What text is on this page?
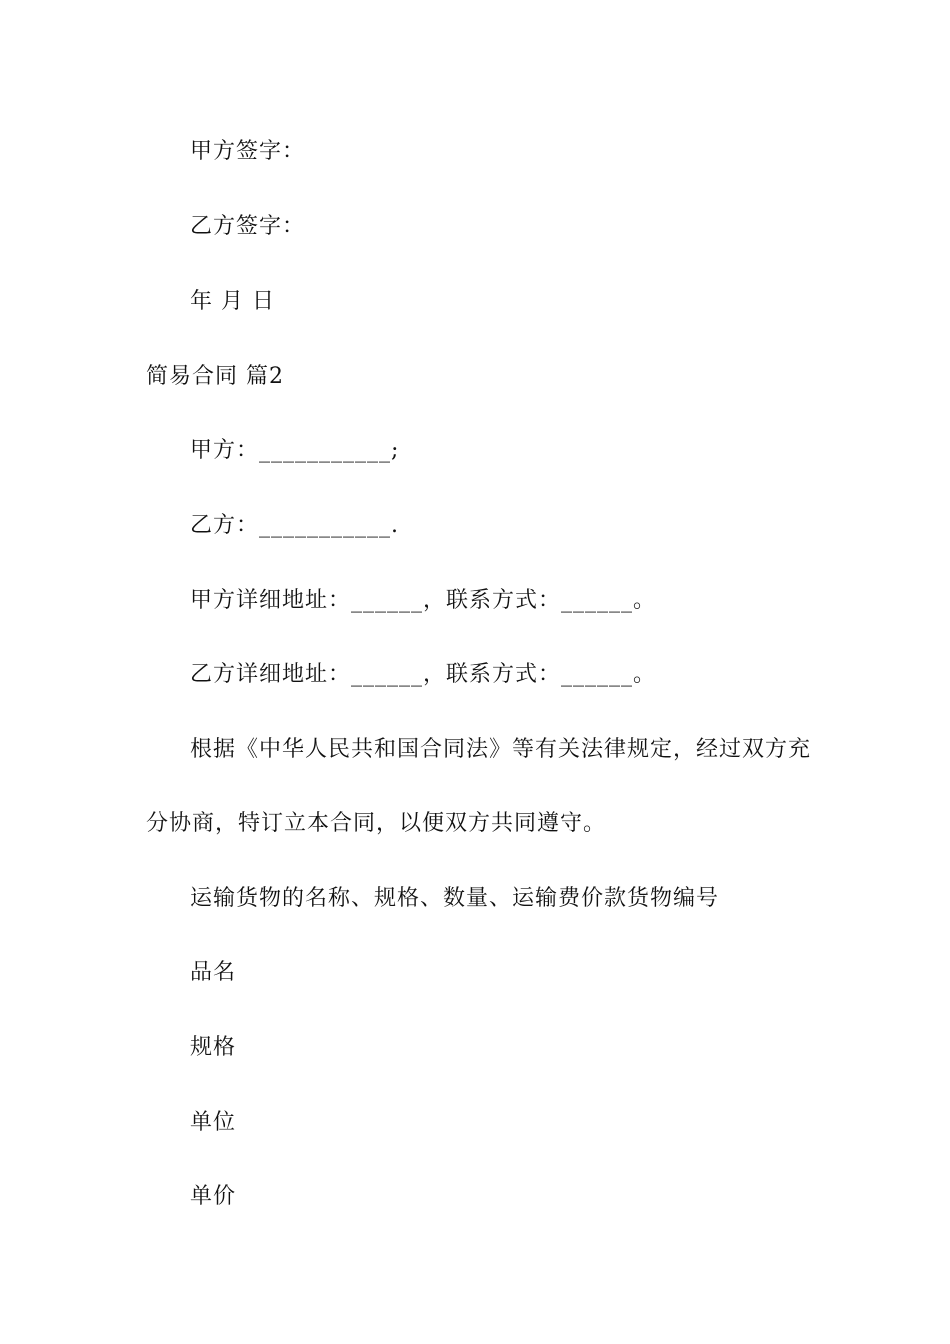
甲方签字：
乙方签字：
年 月 日
简易合同 篇2
甲方：___________;
乙方：___________.
甲方详细地址：______，联系方式：______。
乙方详细地址：______，联系方式：______。
根据《中华人民共和国合同法》等有关法律规定，经过双方充
分协商，特订立本合同，以便双方共同遵守。
运输货物的名称、规格、数量、运输费价款货物编号
品名
规格
单位
单价
